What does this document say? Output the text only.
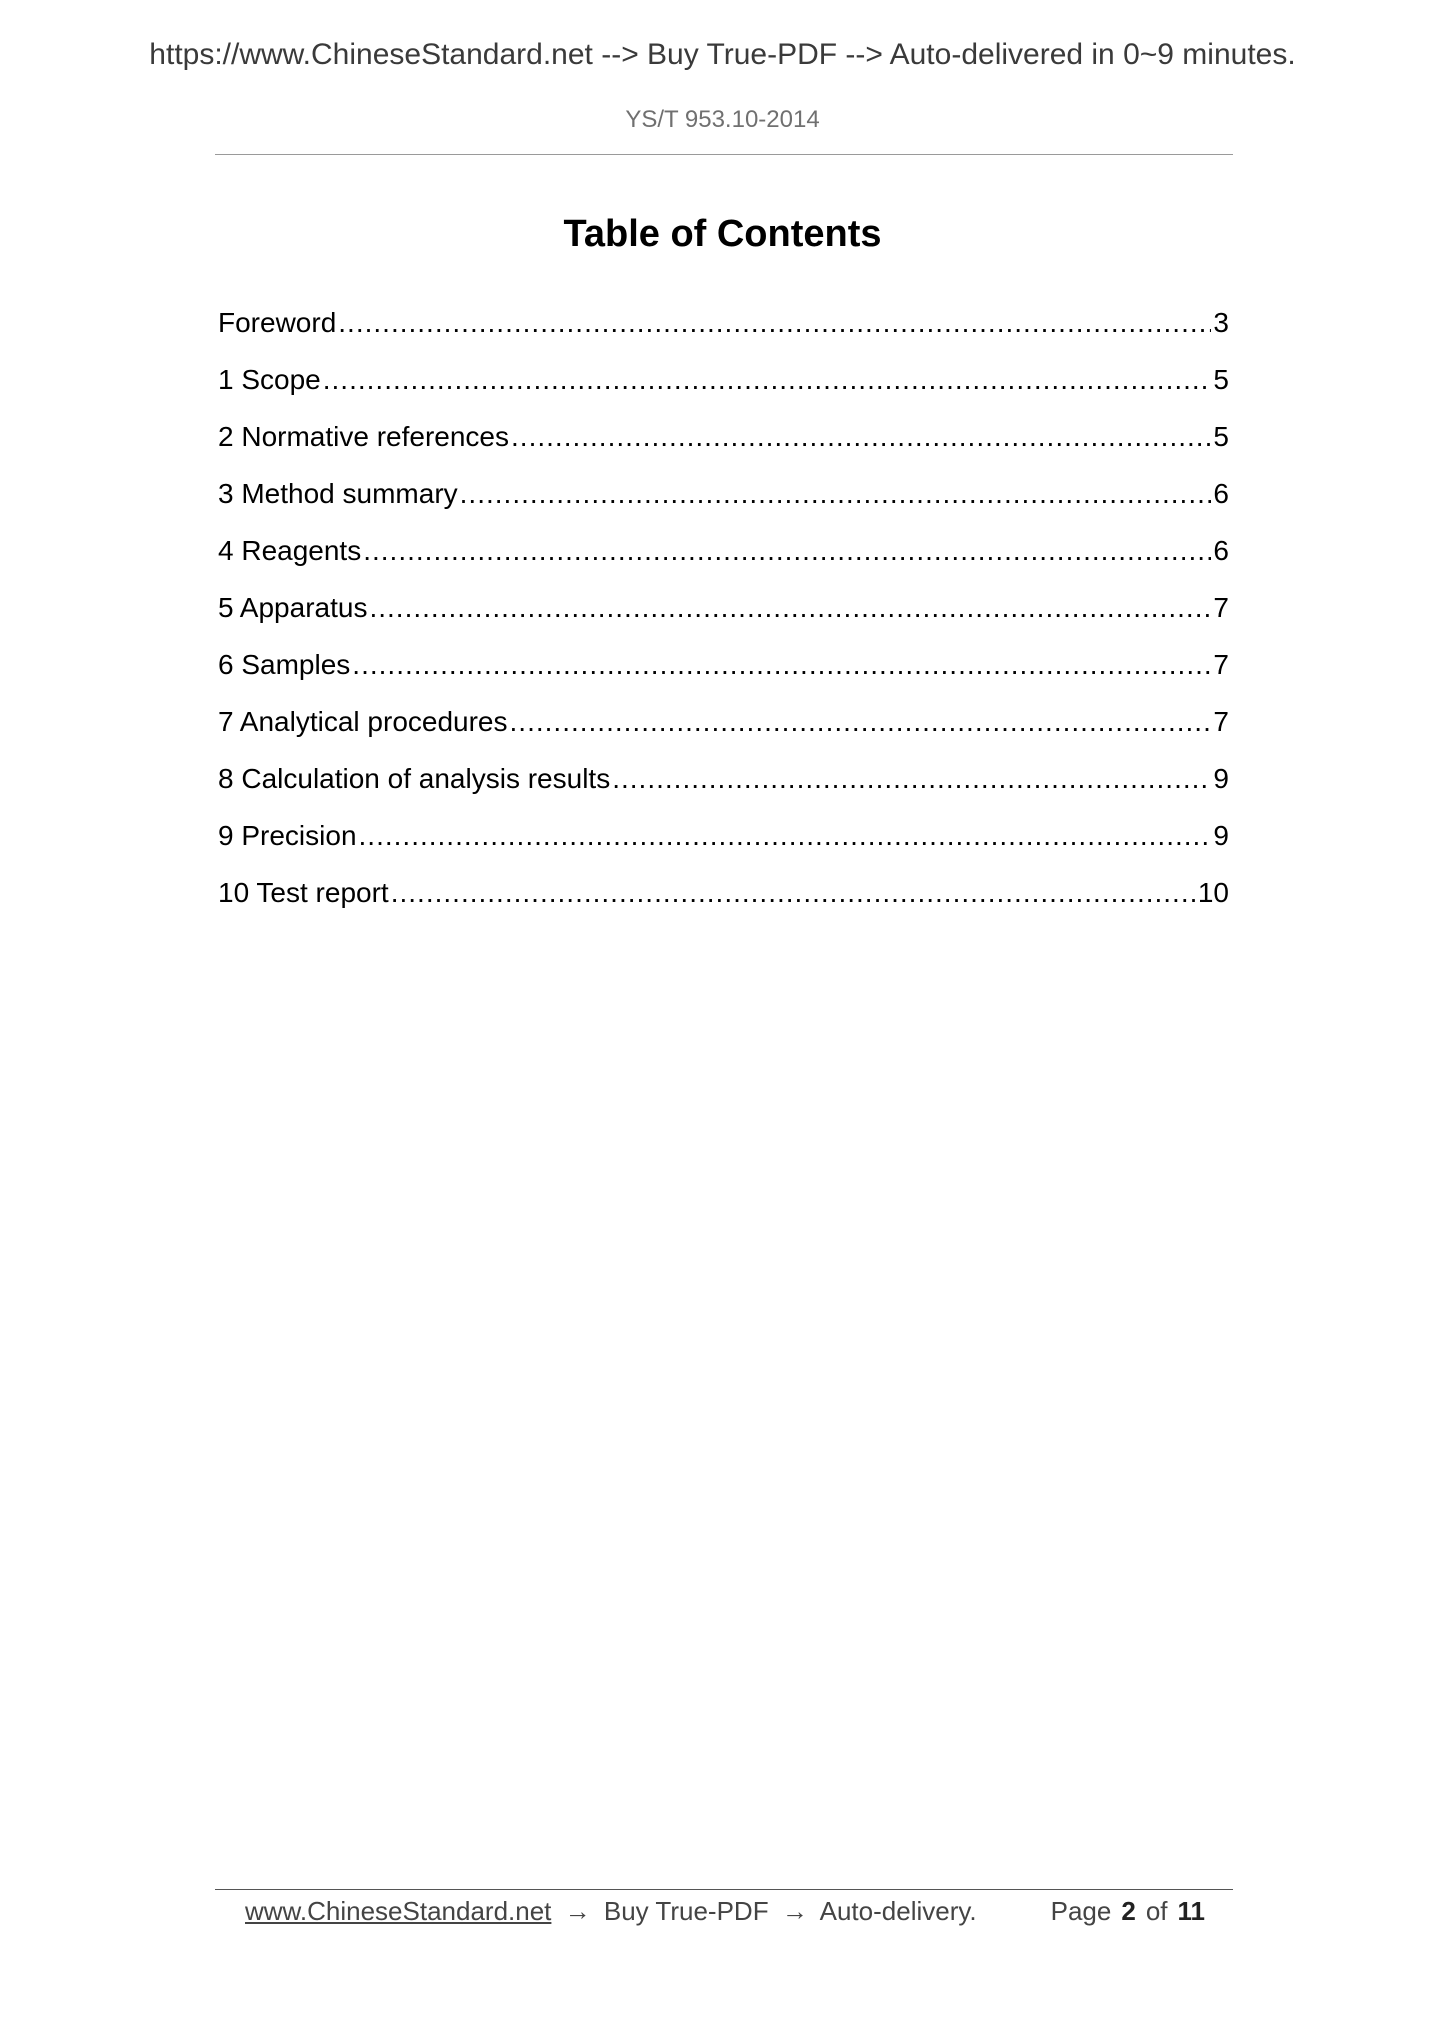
https://www.ChineseStandard.net --> Buy True-PDF --> Auto-delivered in 0~9 minutes.
YS/T 953.10-2014
Table of Contents
Foreword .....	3
1 Scope .....	5
2 Normative references .....	5
3 Method summary .....	6
4 Reagents .....	6
5 Apparatus .....	7
6 Samples .....	7
7 Analytical procedures .....	7
8 Calculation of analysis results .....	9
9 Precision .....	9
10 Test report .....	10
www.ChineseStandard.net → Buy True-PDF → Auto-delivery.	Page 2 of 11
